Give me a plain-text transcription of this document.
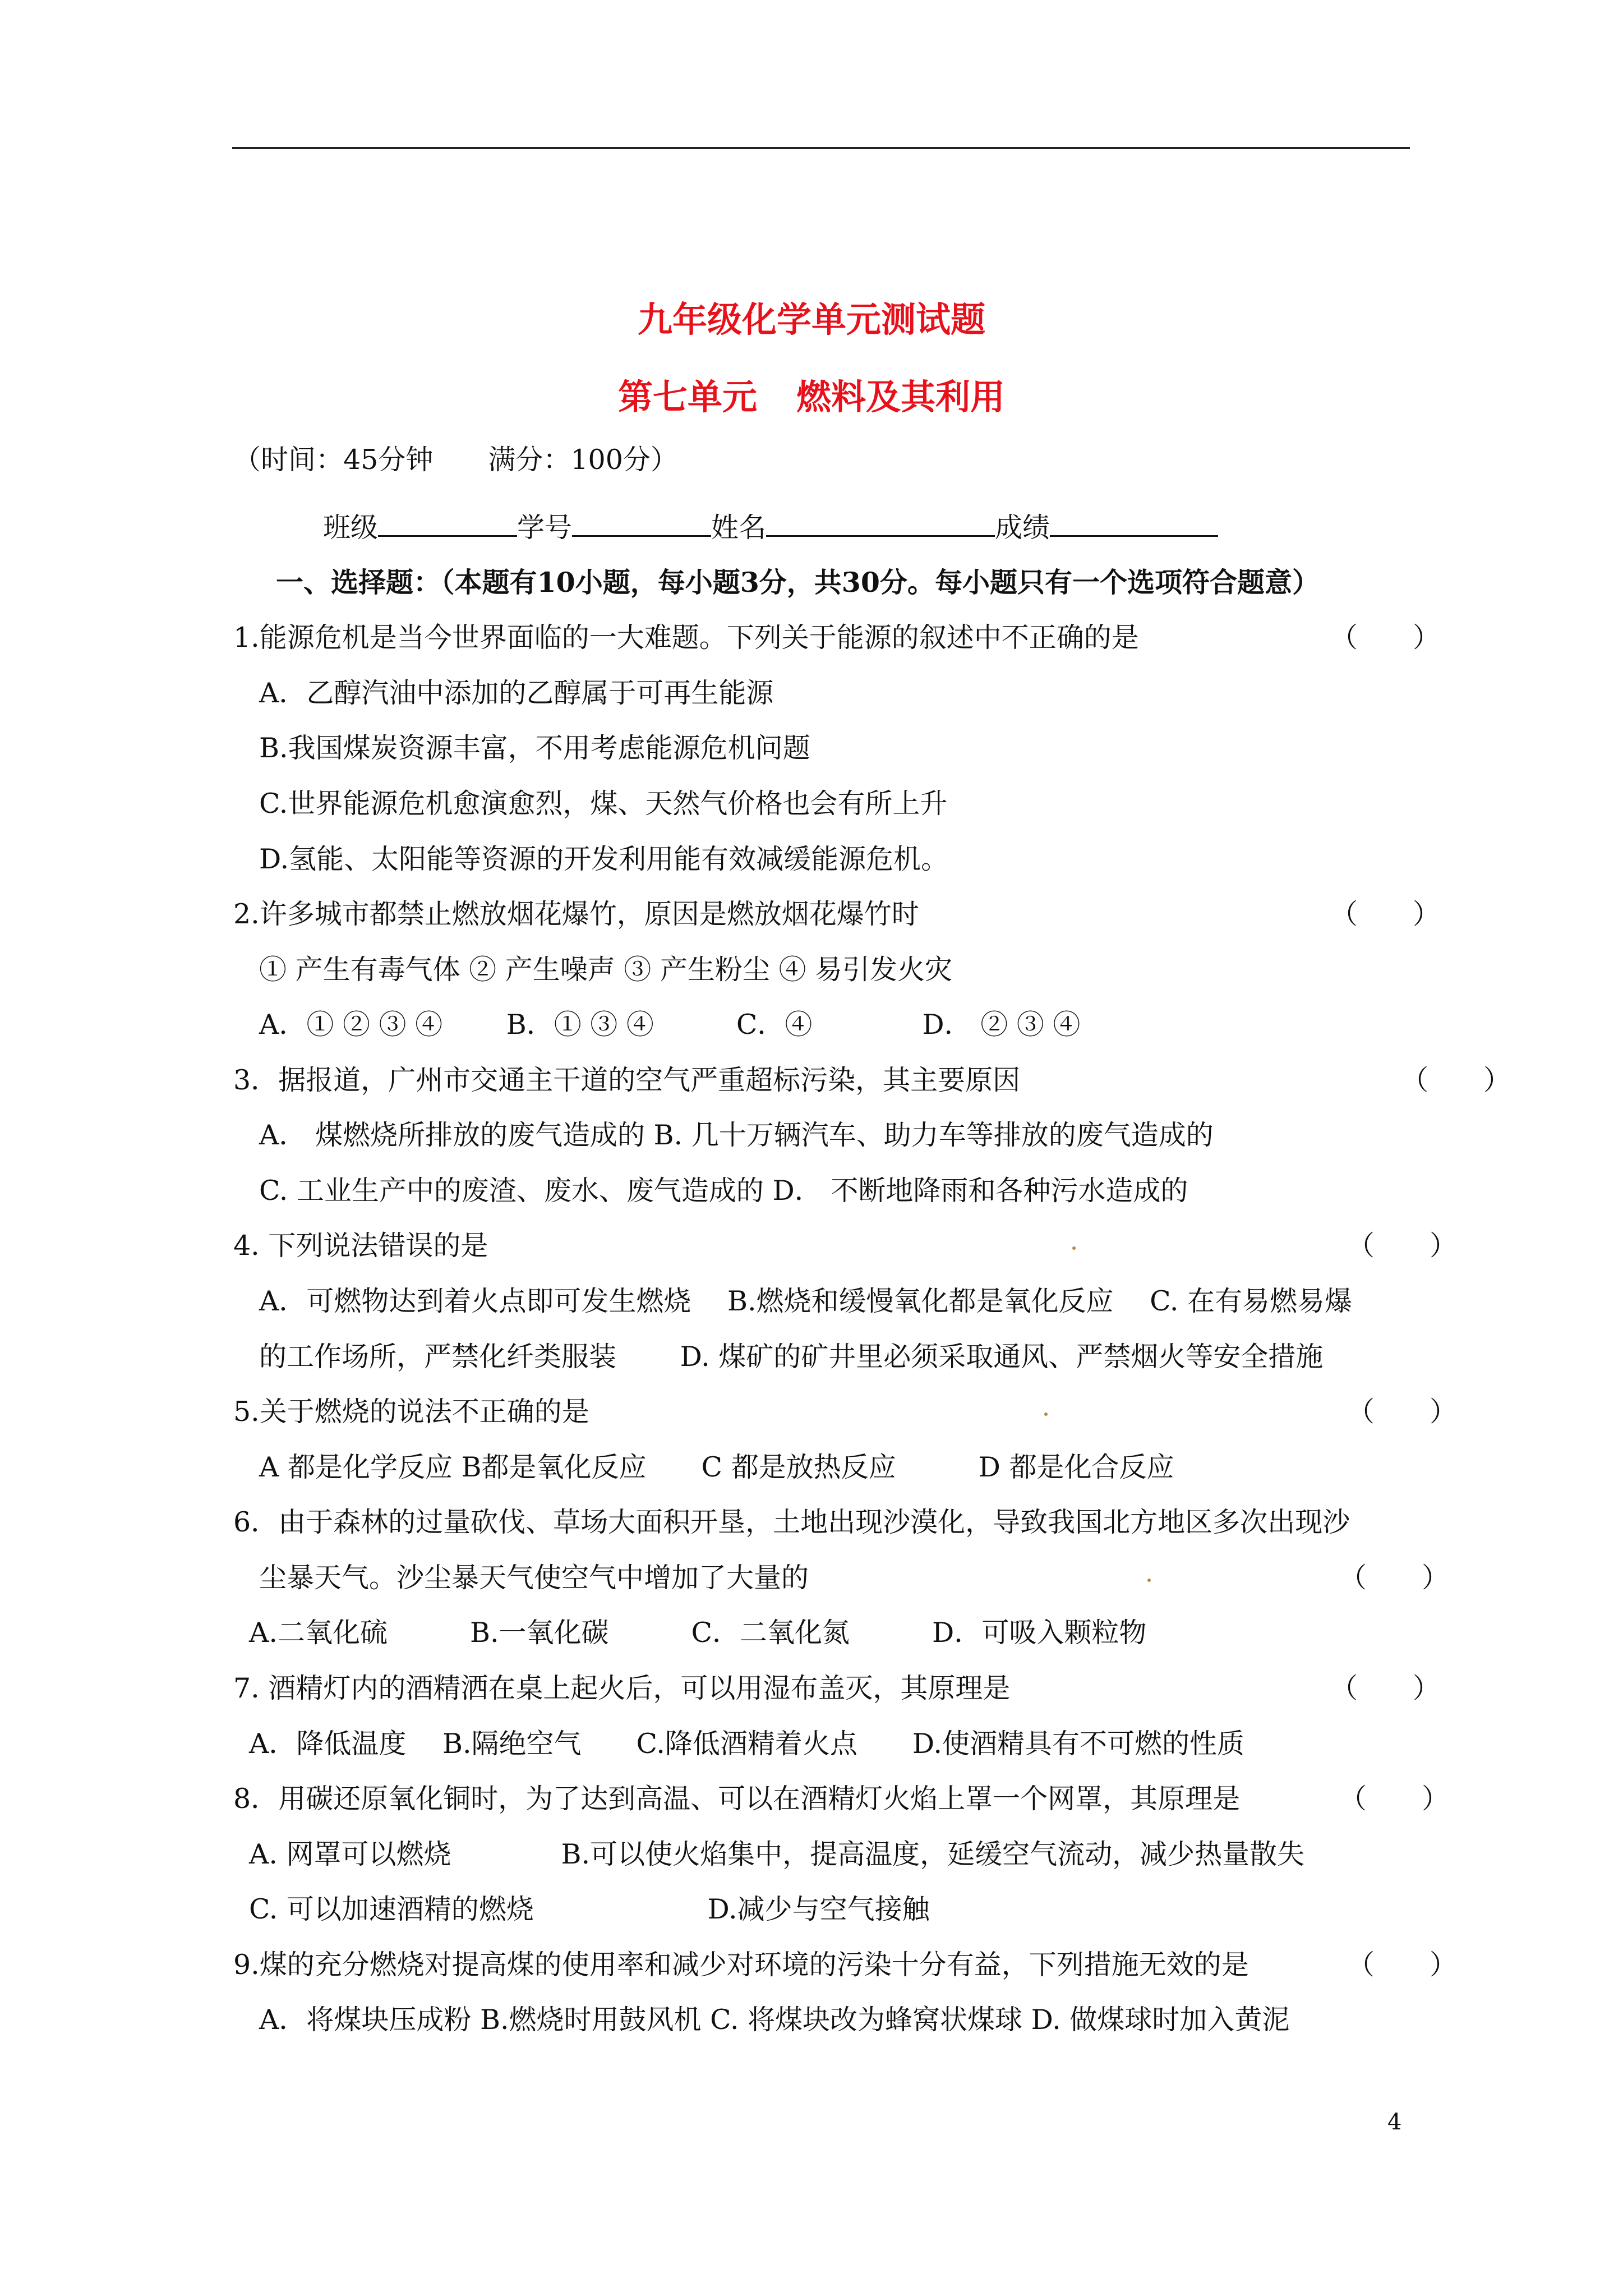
九年级化学单元测试题
第七单元 燃料及其利用
（时间：45分钟　　满分：100分）
班级	学号	姓名	成绩
一、选择题：（本题有10小题，每小题3分，共30分。每小题只有一个选项符合题意）
1.能源危机是当今世界面临的一大难题。下列关于能源的叙述中不正确的是	（　　）
A．乙醇汽油中添加的乙醇属于可再生能源
B.我国煤炭资源丰富，不用考虑能源危机问题
C.世界能源危机愈演愈烈，煤、天然气价格也会有所上升
D.氢能、太阳能等资源的开发利用能有效减缓能源危机。
2.许多城市都禁止燃放烟花爆竹，原因是燃放烟花爆竹时	（　　）
① 产生有毒气体 ② 产生噪声 ③ 产生粉尘 ④ 易引发火灾
A．① ② ③ ④　　 B．① ③ ④　　　C．④　　　　D． ② ③ ④
3．据报道，广州市交通主干道的空气严重超标污染，其主要原因	（　　）
A． 煤燃烧所排放的废气造成的 B. 几十万辆汽车、助力车等排放的废气造成的
C. 工业生产中的废渣、废水、废气造成的 D． 不断地降雨和各种污水造成的
4. 下列说法错误的是	（　　）
A．可燃物达到着火点即可发生燃烧　 B.燃烧和缓慢氧化都是氧化反应　 C. 在有易燃易爆
的工作场所，严禁化纤类服装　　 D. 煤矿的矿井里必须采取通风、严禁烟火等安全措施
5.关于燃烧的说法不正确的是	（　　）
A 都是化学反应 B都是氧化反应　　C 都是放热反应　　　D 都是化合反应
6．由于森林的过量砍伐、草场大面积开垦，土地出现沙漠化，导致我国北方地区多次出现沙
尘暴天气。沙尘暴天气使空气中增加了大量的	（　　）
A.二氧化硫　　　B.一氧化碳　　　C．二氧化氮　　　D．可吸入颗粒物
7. 酒精灯内的酒精洒在桌上起火后，可以用湿布盖灭，其原理是	（　　）
A．降低温度　 B.隔绝空气　　C.降低酒精着火点　　D.使酒精具有不可燃的性质
8．用碳还原氧化铜时，为了达到高温、可以在酒精灯火焰上罩一个网罩，其原理是	（　　）
A. 网罩可以燃烧　　　　B.可以使火焰集中，提高温度，延缓空气流动，减少热量散失
C. 可以加速酒精的燃烧　　　　　　 D.减少与空气接触
9.煤的充分燃烧对提高煤的使用率和减少对环境的污染十分有益，下列措施无效的是	（　　）
A．将煤块压成粉 B.燃烧时用鼓风机 C. 将煤块改为蜂窝状煤球 D. 做煤球时加入黄泥
4
